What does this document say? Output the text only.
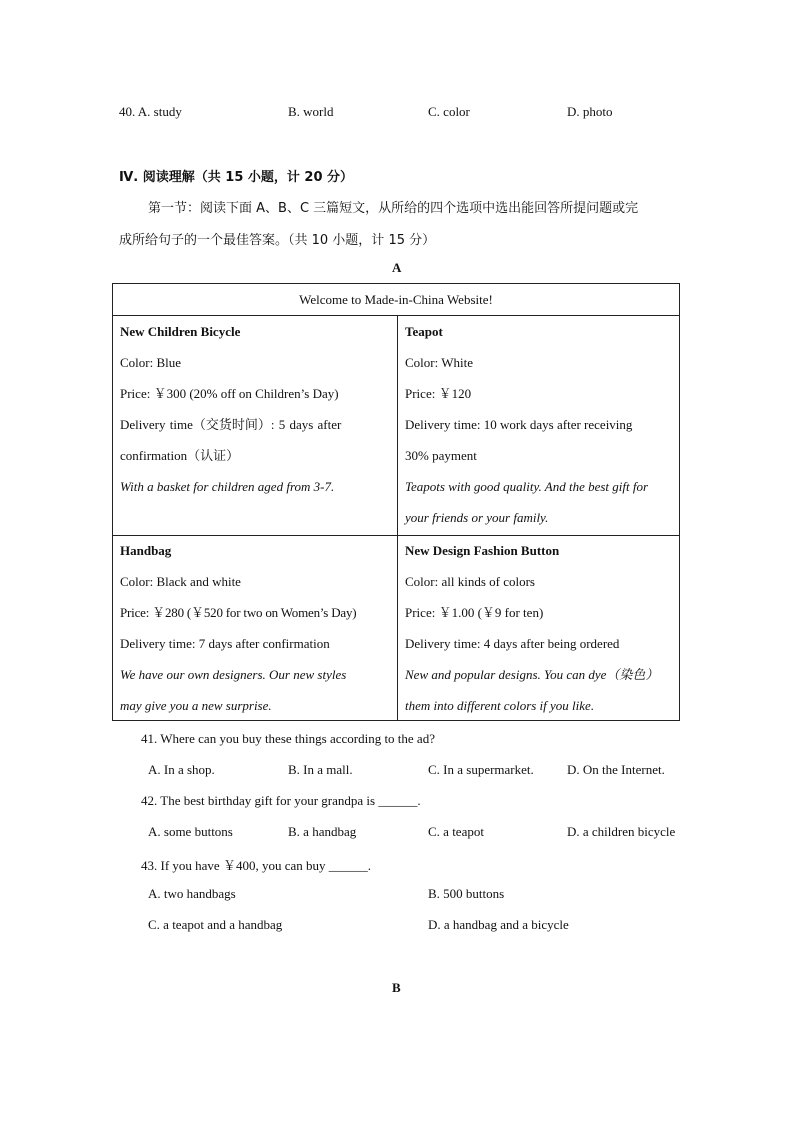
40. A. study	B. world	C. color	D. photo
Ⅳ. 阅读理解（共 15 小题，计 20 分）
第一节：阅读下面 A、B、C 三篇短文，从所给的四个选项中选出能回答所提问题或完
成所给句子的一个最佳答案。（共 10 小题，计 15 分）
A
Welcome to Made-in-China Website!
New Children Bicycle
Color: Blue
Price: ￥300 (20% off on Children’s Day)
Delivery time（交货时间）: 5 days after
confirmation（认证）
With a basket for children aged from 3-7.
Teapot
Color: White
Price: ￥120
Delivery time: 10 work days after receiving
30% payment
Teapots with good quality. And the best gift for
your friends or your family.
Handbag
Color: Black and white
Price: ￥280 (￥520 for two on Women’s Day)
Delivery time: 7 days after confirmation
We have our own designers. Our new styles
may give you a new surprise.
New Design Fashion Button
Color: all kinds of colors
Price: ￥1.00 (￥9 for ten)
Delivery time: 4 days after being ordered
New and popular designs. You can dye（染色）
them into different colors if you like.
41. Where can you buy these things according to the ad?
A. In a shop.	B. In a mall.	C. In a supermarket.	D. On the Internet.
42. The best birthday gift for your grandpa is ______.
A. some buttons	B. a handbag	C. a teapot	D. a children bicycle
43. If you have ￥400, you can buy ______.
A. two handbags	B. 500 buttons
C. a teapot and a handbag	D. a handbag and a bicycle
B
